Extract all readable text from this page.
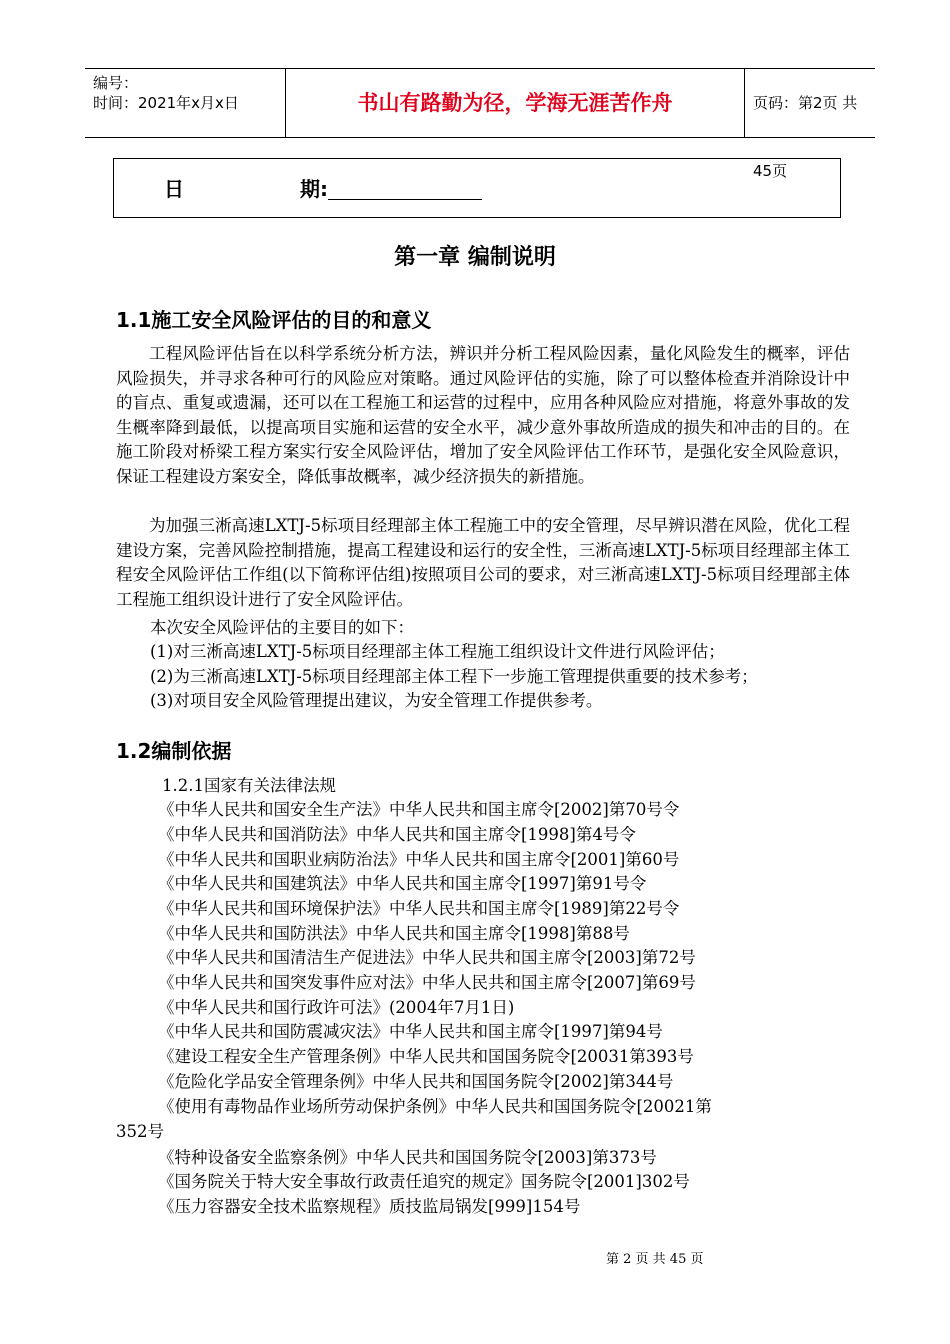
编号：
时间：2021年x月x日	书山有路勤为径，学海无涯苦作舟	页码：第2页 共45页
日	期:
第一章 编制说明
1.1施工安全风险评估的目的和意义

工程风险评估旨在以科学系统分析方法，辨识并分析工程风险因素，量化风险发生的概率，评估风险损失，并寻求各种可行的风险应对策略。通过风险评估的实施，除了可以整体检查并消除设计中的盲点、重复或遗漏，还可以在工程施工和运营的过程中，应用各种风险应对措施，将意外事故的发生概率降到最低，以提高项目实施和运营的安全水平，减少意外事故所造成的损失和冲击的目的。在施工阶段对桥梁工程方案实行安全风险评估，增加了安全风险评估工作环节，是强化安全风险意识，保证工程建设方案安全，降低事故概率，减少经济损失的新措施。

为加强三淅高速LXTJ-5标项目经理部主体工程施工中的安全管理，尽早辨识潜在风险，优化工程建设方案，完善风险控制措施，提高工程建设和运行的安全性，三淅高速LXTJ-5标项目经理部主体工程安全风险评估工作组(以下简称评估组)按照项目公司的要求，对三淅高速LXTJ-5标项目经理部主体工程施工组织设计进行了安全风险评估。

本次安全风险评估的主要目的如下：
(1)对三淅高速LXTJ-5标项目经理部主体工程施工组织设计文件进行风险评估；
(2)为三淅高速LXTJ-5标项目经理部主体工程下一步施工管理提供重要的技术参考；
(3)对项目安全风险管理提出建议，为安全管理工作提供参考。
1.2编制依据
1.2.1国家有关法律法规
《中华人民共和国安全生产法》中华人民共和国主席令[2002]第70号令
《中华人民共和国消防法》中华人民共和国主席令[1998]第4号令
《中华人民共和国职业病防治法》中华人民共和国主席令[2001]第60号
《中华人民共和国建筑法》中华人民共和国主席令[1997]第91号令
《中华人民共和国环境保护法》中华人民共和国主席令[1989]第22号令
《中华人民共和国防洪法》中华人民共和国主席令[1998]第88号
《中华人民共和国清洁生产促进法》中华人民共和国主席令[2003]第72号
《中华人民共和国突发事件应对法》中华人民共和国主席令[2007]第69号
《中华人民共和国行政许可法》(2004年7月1日)
《中华人民共和国防震减灾法》中华人民共和国主席令[1997]第94号
《建设工程安全生产管理条例》中华人民共和国国务院令[20031第393号
《危险化学品安全管理条例》中华人民共和国国务院令[2002]第344号
《使用有毒物品作业场所劳动保护条例》中华人民共和国国务院令[20021第
352号
《特种设备安全监察条例》中华人民共和国国务院令[2003]第373号
《国务院关于特大安全事故行政责任追究的规定》国务院令[2001]302号
《压力容器安全技术监察规程》质技监局锅发[999]154号
第 2 页 共 45 页
